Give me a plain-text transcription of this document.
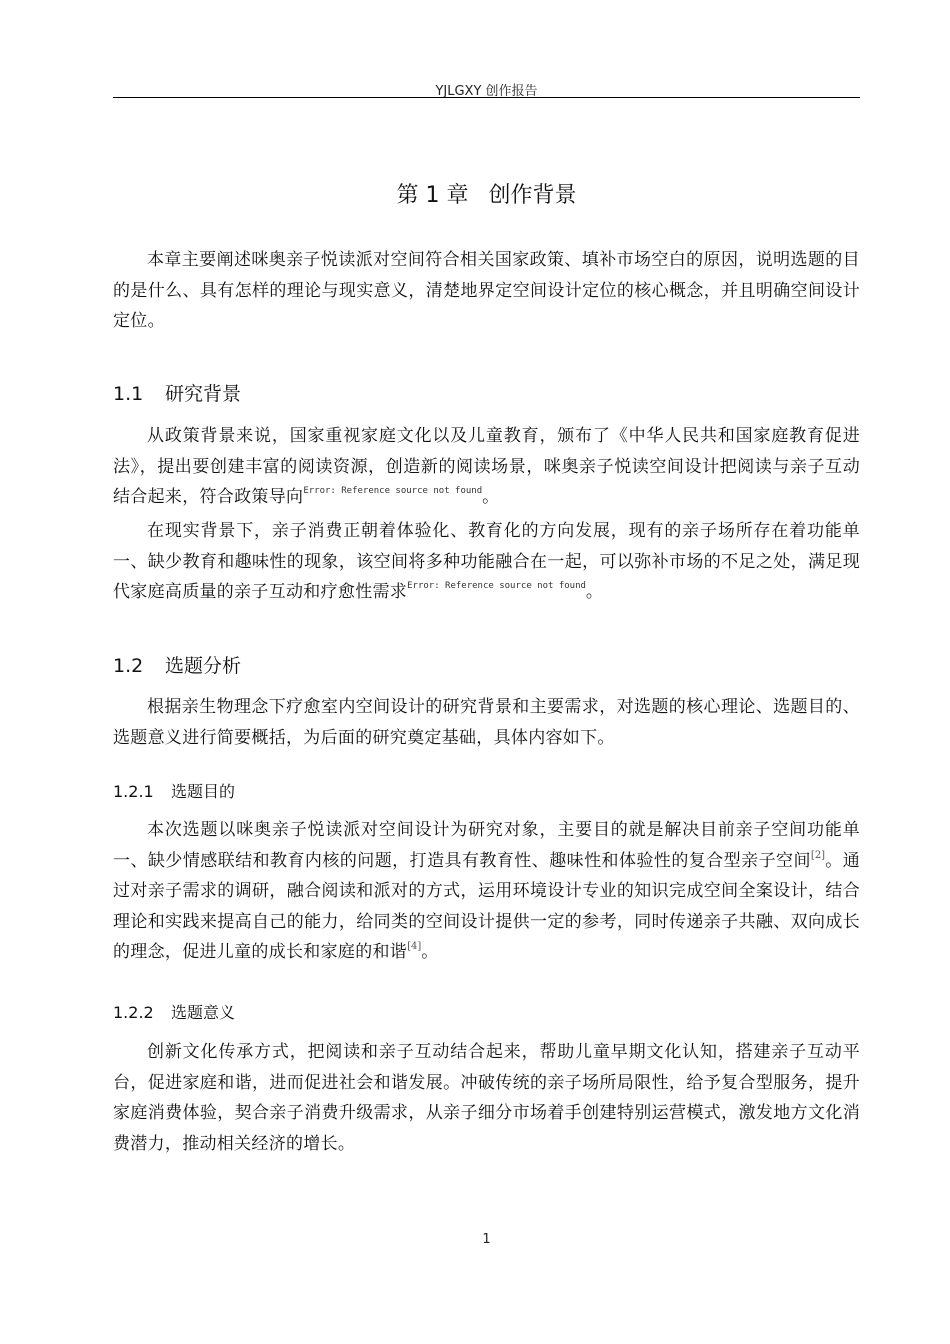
YJLGXY 创作报告
第 1 章 创作背景

本章主要阐述咪奥亲子悦读派对空间符合相关国家政策、填补市场空白的原因，说明选题的目的是什么、具有怎样的理论与现实意义，清楚地界定空间设计定位的核心概念，并且明确空间设计定位。

1.1 研究背景

从政策背景来说，国家重视家庭文化以及儿童教育，颁布了《中华人民共和国家庭教育促进法》，提出要创建丰富的阅读资源，创造新的阅读场景，咪奥亲子悦读空间设计把阅读与亲子互动结合起来，符合政策导向$^{Error: Reference source not found}$。

在现实背景下，亲子消费正朝着体验化、教育化的方向发展，现有的亲子场所存在着功能单一、缺少教育和趣味性的现象，该空间将多种功能融合在一起，可以弥补市场的不足之处，满足现代家庭高质量的亲子互动和疗愈性需求$^{Error: Reference source not found}$。

1.2 选题分析

根据亲生物理念下疗愈室内空间设计的研究背景和主要需求，对选题的核心理论、选题目的、选题意义进行简要概括，为后面的研究奠定基础，具体内容如下。

1.2.1 选题目的

本次选题以咪奥亲子悦读派对空间设计为研究对象，主要目的就是解决目前亲子空间功能单一、缺少情感联结和教育内核的问题，打造具有教育性、趣味性和体验性的复合型亲子空间[2]。通过对亲子需求的调研，融合阅读和派对的方式，运用环境设计专业的知识完成空间全案设计，结合理论和实践来提高自己的能力，给同类的空间设计提供一定的参考，同时传递亲子共融、双向成长的理念，促进儿童的成长和家庭的和谐[4]。

1.2.2 选题意义

创新文化传承方式，把阅读和亲子互动结合起来，帮助儿童早期文化认知，搭建亲子互动平台，促进家庭和谐，进而促进社会和谐发展。冲破传统的亲子场所局限性，给予复合型服务，提升家庭消费体验，契合亲子消费升级需求，从亲子细分市场着手创建特别运营模式，激发地方文化消费潜力，推动相关经济的增长。

1
